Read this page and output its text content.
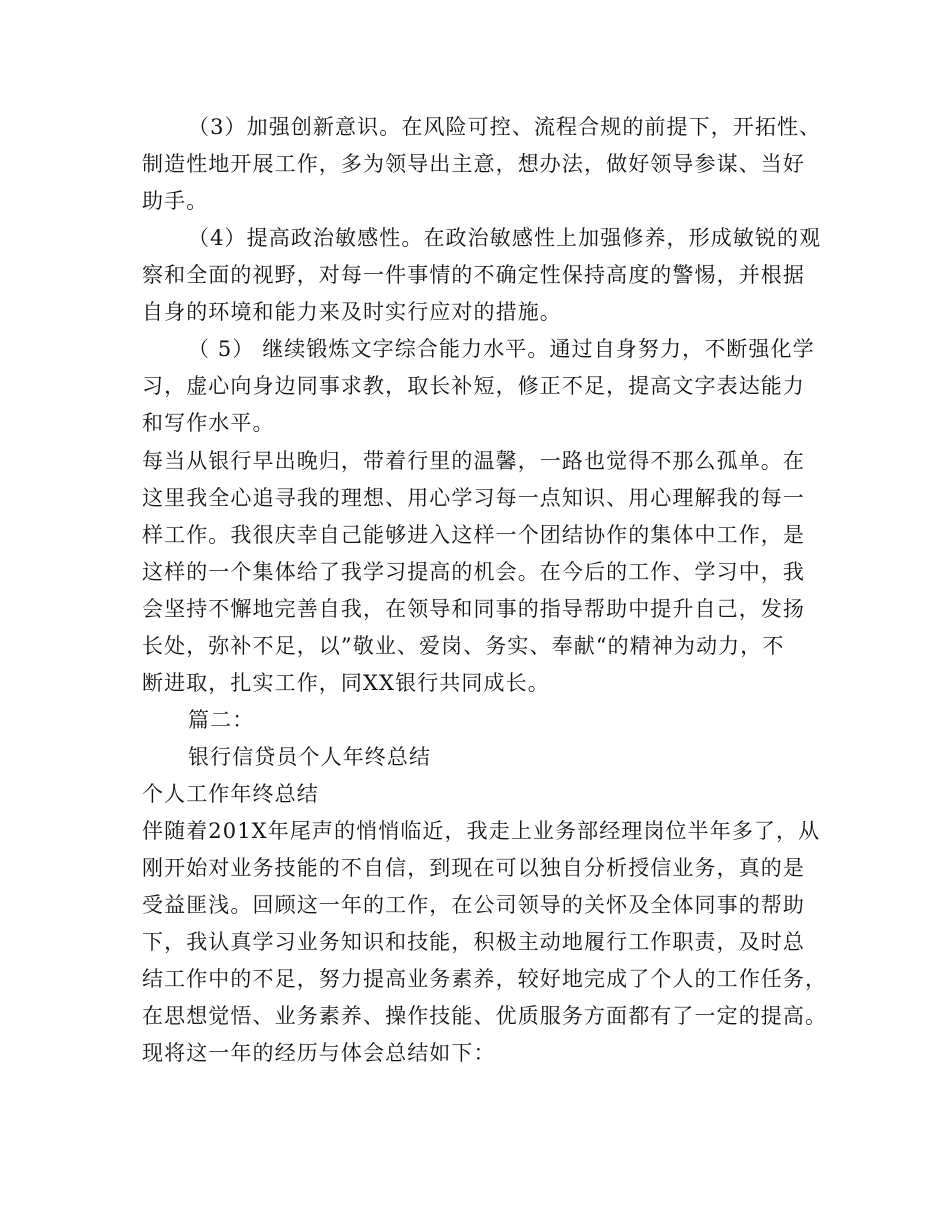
（3）加强创新意识。在风险可控、流程合规的前提下，开拓性、
制造性地开展工作，多为领导出主意，想办法，做好领导参谋、当好
助手。
（4）提高政治敏感性。在政治敏感性上加强修养，形成敏锐的观
察和全面的视野，对每一件事情的不确定性保持高度的警惕，并根据
自身的环境和能力来及时实行应对的措施。
（ 5） 继续锻炼文字综合能力水平。通过自身努力，不断强化学
习，虚心向身边同事求教，取长补短，修正不足，提高文字表达能力
和写作水平。
每当从银行早出晚归，带着行里的温馨，一路也觉得不那么孤单。在
这里我全心追寻我的理想、用心学习每一点知识、用心理解我的每一
样工作。我很庆幸自己能够进入这样一个团结协作的集体中工作，是
这样的一个集体给了我学习提高的机会。在今后的工作、学习中，我
会坚持不懈地完善自我，在领导和同事的指导帮助中提升自己，发扬
长处，弥补不足，以”敬业、爱岗、务实、奉献“的精神为动力，不
断进取，扎实工作，同XX银行共同成长。
篇二：
银行信贷员个人年终总结
个人工作年终总结
伴随着201X年尾声的悄悄临近，我走上业务部经理岗位半年多了，从
刚开始对业务技能的不自信，到现在可以独自分析授信业务，真的是
受益匪浅。回顾这一年的工作，在公司领导的关怀及全体同事的帮助
下，我认真学习业务知识和技能，积极主动地履行工作职责，及时总
结工作中的不足，努力提高业务素养，较好地完成了个人的工作任务，
在思想觉悟、业务素养、操作技能、优质服务方面都有了一定的提高。
现将这一年的经历与体会总结如下：
